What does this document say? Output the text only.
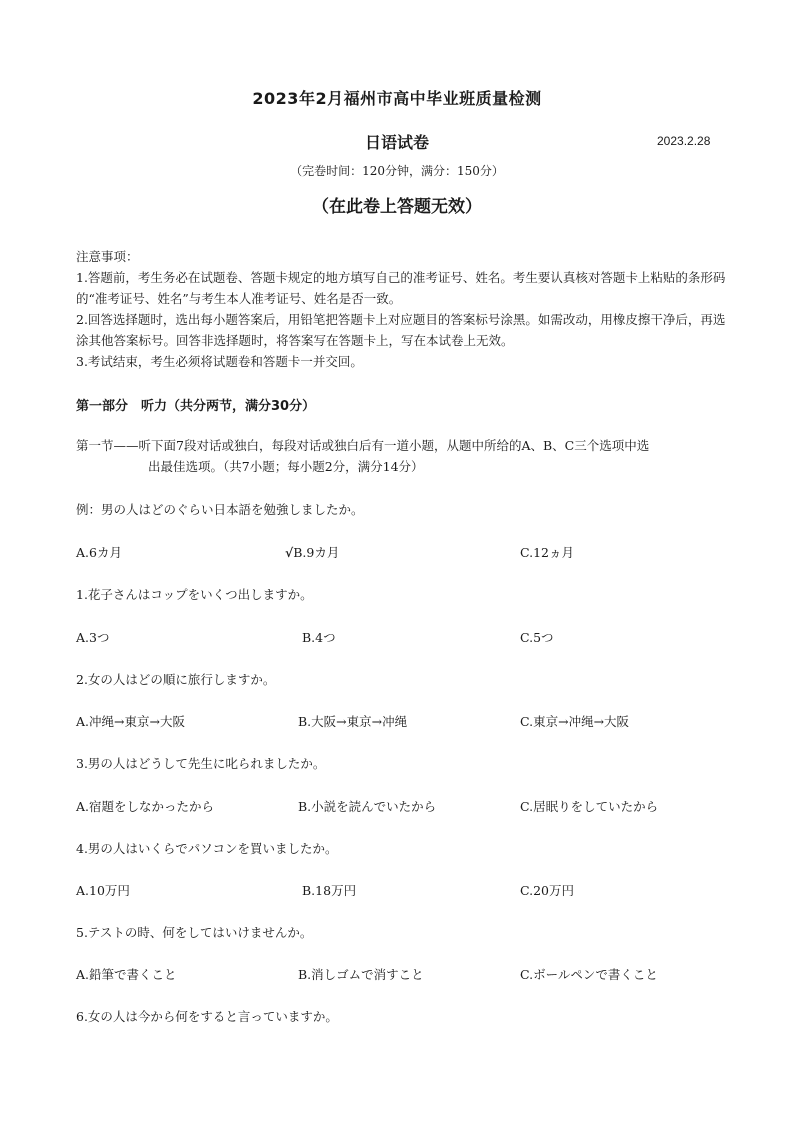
2023年2月福州市高中毕业班质量检测
日语试卷	2023.2.28
（完卷时间：120分钟，满分：150分）
（在此卷上答题无效）

注意事项：

1.答题前，考生务必在试题卷、答题卡规定的地方填写自己的准考证号、姓名。考生要认真核对答题卡上粘贴的条形码的“准考证号、姓名”与考生本人准考证号、姓名是否一致。

2.回答选择题时，选出每小题答案后，用铅笔把答题卡上对应题目的答案标号涂黑。如需改动，用橡皮擦干净后，再选涂其他答案标号。回答非选择题时，将答案写在答题卡上，写在本试卷上无效。

3.考试结束，考生必须将试题卷和答题卡一并交回。

第一部分　听力（共分两节，满分30分）
第一节——听下面7段对话或独白，每段对话或独白后有一道小题，从题中所给的A、B、C三个选项中选
出最佳选项。（共7小题；每小题2分，满分14分）
例：男の人はどのぐらい日本語を勉強しましたか。
A.6カ月	√B.9カ月	C.12ヵ月
1.花子さんはコップをいくつ出しますか。
A.3つ	B.4つ	C.5つ
2.女の人はどの順に旅行しますか。
A.冲绳→東京→大阪	B.大阪→東京→冲绳	C.東京→冲绳→大阪
3.男の人はどうして先生に叱られましたか。
A.宿題をしなかったから	B.小説を読んでいたから	C.居眠りをしていたから
4.男の人はいくらでパソコンを買いましたか。
A.10万円	B.18万円	C.20万円
5.テストの時、何をしてはいけませんか。
A.鉛筆で書くこと	B.消しゴムで消すこと	C.ボールペンで書くこと
6.女の人は今から何をすると言っていますか。
